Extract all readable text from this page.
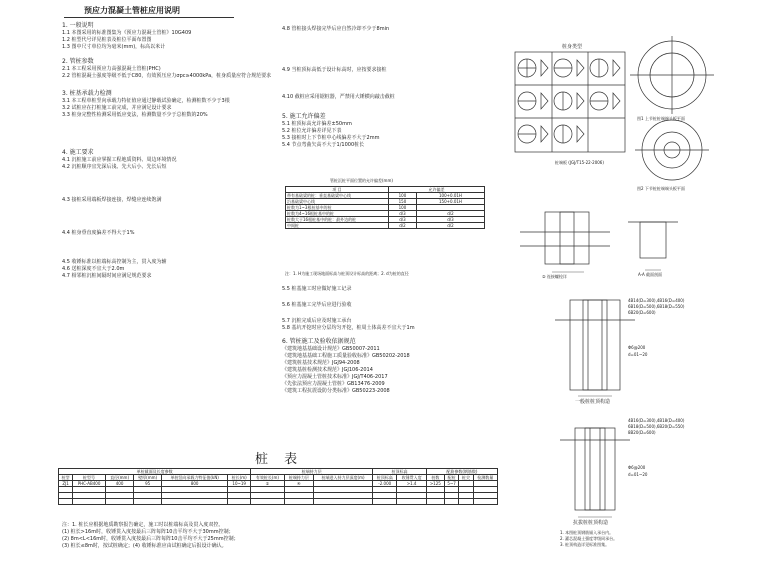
预应力混凝土管桩应用说明
1. 一般说明
1.1 本图采用的标准图集为《预应力混凝土管桩》10G409
1.2 桩型代号详见桩表及桩位平面布置图
1.3 图中尺寸单位均为毫米(mm)，标高以米计
2. 管桩参数
2.1 本工程采用预应力高强混凝土管桩(PHC)
2.2 管桩混凝土强度等级不低于C80，有效预压应力σpc≥4000kPa，桩身质量应符合规范要求
3. 桩基承载力检测
3.1 本工程单桩竖向承载力特征值应通过静载试验确定，检测桩数不少于3根
3.2 试桩应在打桩施工前完成，并应满足设计要求
3.3 桩身完整性检测采用低应变法，检测数量不少于总桩数的20%
4. 施工要求
4.1 沉桩施工前应掌握工程地质资料、周边环境情况
4.2 沉桩顺序宜先深后浅、先大后小、先长后短
4.3 接桩采用端板焊接连接，焊缝应连续饱满
4.4 桩身垂直度偏差不得大于1%
4.5 收锤标准以桩端标高控制为主，贯入度为辅
4.6 送桩深度不宜大于2.0m
4.7 相邻桩沉桩间隔时间应满足规范要求
4.8 管桩接头焊接完毕后应自然冷却不少于8min
4.9 当桩顶标高低于设计标高时，应按要求接桩
4.10 截桩应采用锯桩器，严禁用大锤横向敲击截桩
5. 施工允许偏差
5.1 桩顶标高允许偏差±50mm
5.2 桩位允许偏差详见下表
5.3 接桩时上下节桩中心线偏差不大于2mm
5.4 节点弯曲矢高不大于1/1000桩长
管桩沉桩平面位置的允许偏差(mm)
项 目	允许偏差	
带有基础梁的桩：垂直基础梁中心线	100	100+0.01H
沿基础梁中心线	150	150+0.01H
桩数为1~3根桩基中的桩	100	
桩数为4~16根桩基中的桩	d/3	d/2
桩数大于16根桩基中的桩：最外边的桩	d/3	d/3
中间桩	d/2	d/2
注：1. H为施工现场地面标高与桩顶设计标高的距离；2. d为桩的直径
5.5 桩基施工时应做好施工记录
5.6 桩基施工完毕后应进行验收
5.7 沉桩完成后应及时施工承台
5.8 基坑开挖时应分层均匀开挖，桩周土体高差不宜大于1m
6. 管桩施工及验收依据规范
《建筑地基基础设计规范》GB50007-2011
《建筑地基基础工程施工质量验收标准》GB50202-2018
《建筑桩基技术规范》JGJ94-2008
《建筑基桩检测技术规范》JGJ106-2014
《预应力混凝土管桩技术标准》JGJ/T406-2017
《先张法预应力混凝土管桩》GB13476-2009
《建筑工程抗震设防分类标准》GB50223-2008
桩 表
单桩截面及长度参数						桩端持力层			桩顶标高		配筋参数(钢筋数)			
桩型	桩型号	直径(mm)	壁厚(mm)	单桩竖向承载力特征值(kN)	桩长(m)	有效桩长(m)	桩端持力层	桩端进入持力层深度(m)	桩顶标高	收锤贯入度	桩数	配桩	桩尖	检测数量
ZJ1	PHC-AB400	400	95	800	10~19	①	④		-2.000	>1.4	>125	5~7		

注：1. 桩长应根据地质勘察报告确定，施工时以桩端标高及贯入度双控。
(1) 桩长>16m时，收锤贯入度按最后三阵每阵10击平均不大于30mm控制；
(2) 8m<L<16m时，收锤贯入度按最后三阵每阵10击平均不大于25mm控制；
(3) 桩长≤8m时，按试桩确定；(4) 收锤标准应由试桩确定后报设计确认。
桩身类型
图1 上节桩桩端端头板平面
图2 下节桩桩端端头板平面
桩端板 (JGJ/T15-22-2006)
② 连接螺栓详	A-A 截面剖面
4B14(D=300),4B16(D=400)
6B16(D=500),6B18(D=550)
6B20(D=600)
Φ6@200
d=01~20
一般桩桩顶构造
4B16(D=300),4B18(D=400)
6B18(D=500),6B20(D=550)
8B20(D=600)
Φ6@200
d=01~20
抗拔桩桩顶构造
1. 本图桩顶钢筋锚入承台内。
2. 灌芯混凝土强度等级同承台。
3. 桩顶构造详见标准图集。
